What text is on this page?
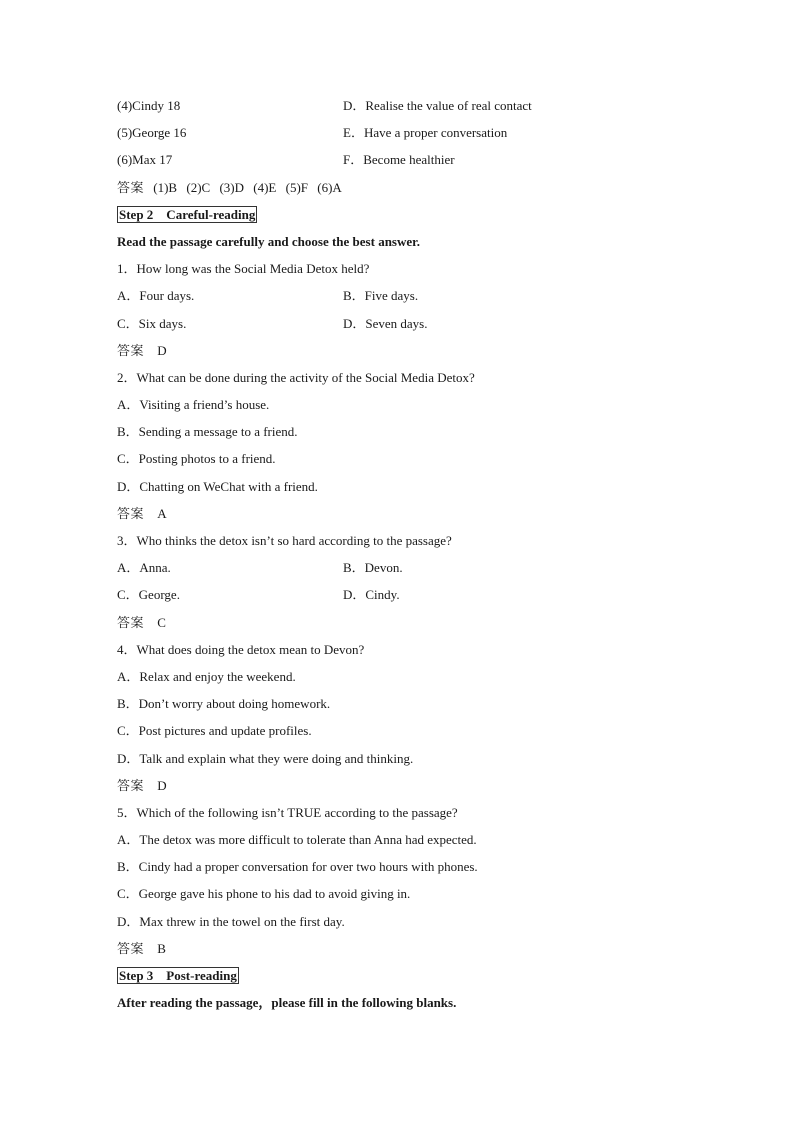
(4)Cindy 18	D．Realise the value of real contact
(5)George 16	E．Have a proper conversation
(6)Max 17	F．Become healthier
答案 (1)B (2)C (3)D (4)E (5)F (6)A
Step 2　Careful-reading
Read the passage carefully and choose the best answer.
1．How long was the Social Media Detox held?
A．Four days.	B．Five days.
C．Six days.	D．Seven days.
答案 D
2．What can be done during the activity of the Social Media Detox?
A．Visiting a friend’s house.
B．Sending a message to a friend.
C．Posting photos to a friend.
D．Chatting on WeChat with a friend.
答案 A
3．Who thinks the detox isn’t so hard according to the passage?
A．Anna.	B．Devon.
C．George.	D．Cindy.
答案 C
4．What does doing the detox mean to Devon?
A．Relax and enjoy the weekend.
B．Don’t worry about doing homework.
C．Post pictures and update profiles.
D．Talk and explain what they were doing and thinking.
答案 D
5．Which of the following isn’t TRUE according to the passage?
A．The detox was more difficult to tolerate than Anna had expected.
B．Cindy had a proper conversation for over two hours with phones.
C．George gave his phone to his dad to avoid giving in.
D．Max threw in the towel on the first day.
答案 B
Step 3　Post-reading
After reading the passage，please fill in the following blanks.
